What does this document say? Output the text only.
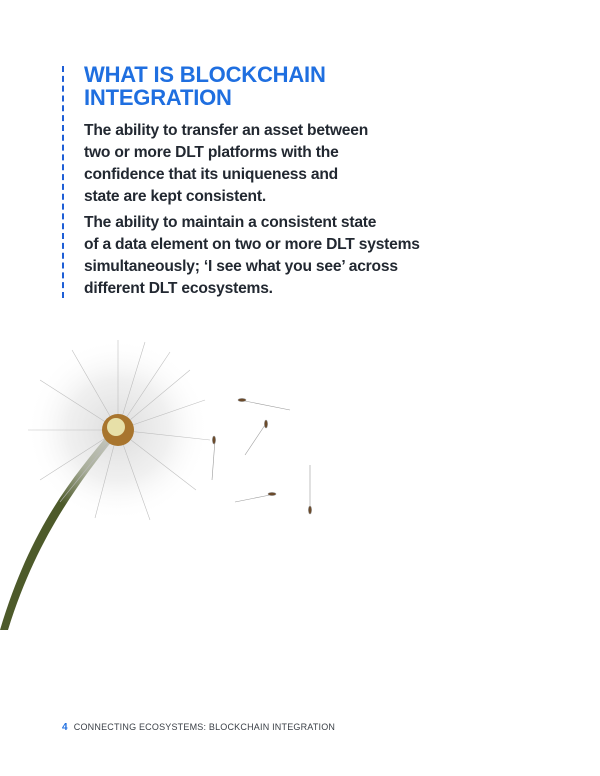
WHAT IS BLOCKCHAIN
INTEGRATION

The ability to transfer an asset between
two or more DLT platforms with the
confidence that its uniqueness and
state are kept consistent.

The ability to maintain a consistent state
of a data element on two or more DLT systems
simultaneously; ‘I see what you see’ across
different DLT ecosystems.

4 CONNECTING ECOSYSTEMS: BLOCKCHAIN INTEGRATION
